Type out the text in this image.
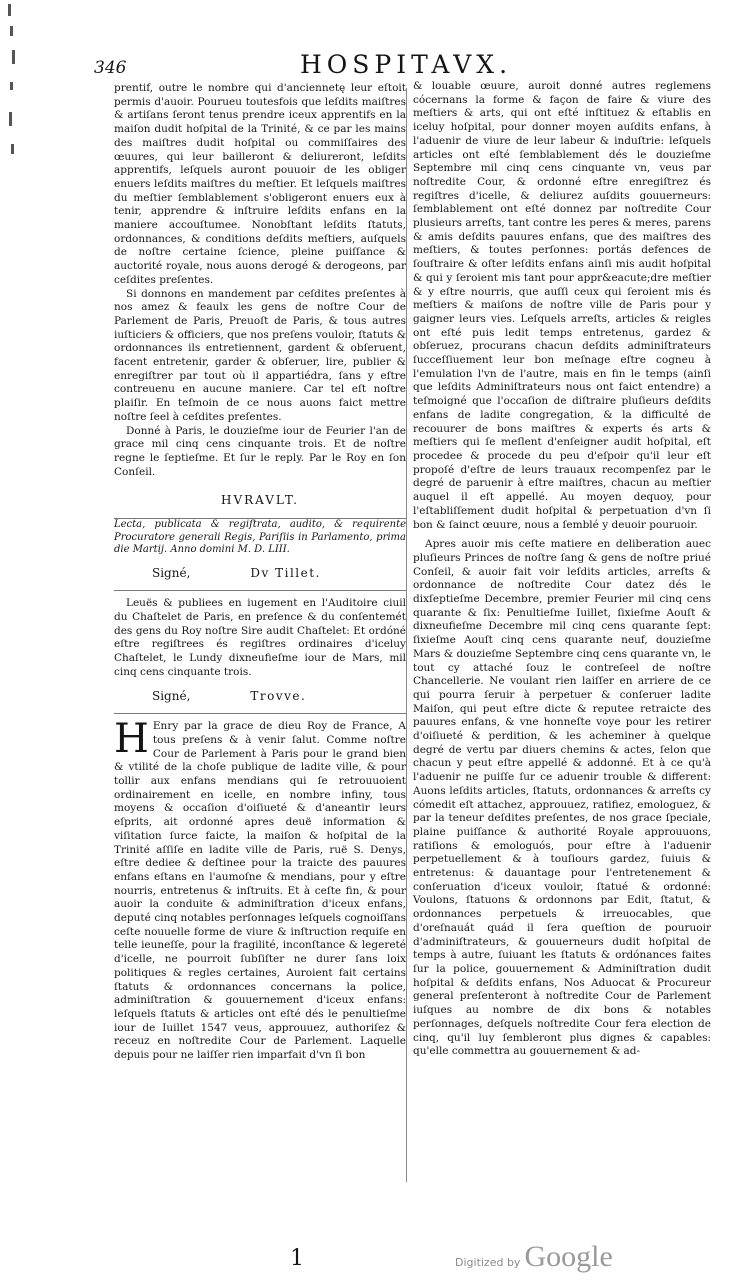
346	HOSPITAVX.

prentif, outre le nombre qui d'anciennetę leur eſtoit permis d'auoir. Pourueu toutesfois que leſdits maiſtres & artiſans ſeront tenus prendre iceux apprentifs en la maiſon dudit hoſpital de la Trinité, & ce par les mains des maiſtres dudit hoſpital ou commiſſaires des œuures, qui leur bailleront & deliureront, leſdits apprentifs, leſquels auront pouuoir de les obliger enuers leſdits maiſtres du meſtier. Et leſquels maiſtres du meſtier ſemblablement s'obligeront enuers eux à tenir, apprendre & inſtruire leſdits enfans en la maniere accouſtumee. Nonobſtant leſdits ſtatuts, ordonnances, & conditions deſdits meſtiers, auſquels de noſtre certaine ſcience, pleine puiſſance & auctorité royale, nous auons derogé & derogeons, par ceſdites preſentes.

Si donnons en mandement par ceſdites preſentes à nos amez & feaulx les gens de noſtre Cour de Parlement de Paris, Preuoſt de Paris, & tous autres iuſticiers & officiers, que nos preſens vouloir, ſtatuts & ordonnances ils entretiennent, gardent & obſeruent, facent entretenir, garder & obſeruer, lire, publier & enregiſtrer par tout où il appartiédra, ſans y eſtre contreuenu en aucune maniere. Car tel eſt noſtre plaiſir. En teſmoin de ce nous auons faict mettre noſtre ſeel à ceſdites preſentes.

Donné à Paris, le douzieſme iour de Feurier l'an de grace mil cinq cens cinquante trois. Et de noſtre regne le ſeptieſme. Et ſur le reply. Par le Roy en ſon Conſeil.

HVRAVLT.

Lecta, publicata & regiſtrata, audito, & requirente Procuratore generali Regis, Pariſiis in Parlamento, prima die Martij. Anno domini M. D. LIII.

Signé,	Dv Tillet.

Leuës & publiees en iugement en l'Auditoire ciuil du Chaſtelet de Paris, en preſence & du conſentemét des gens du Roy noſtre Sire audit Chaſtelet: Et ordóné eſtre regiſtrees és regiſtres ordinaires d'iceluy Chaſtelet, le Lundy dixneufieſme iour de Mars, mil cinq cens cinquante trois.

Signé,	Trovve.

H Enry par la grace de dieu Roy de France, A tous preſens & à venir ſalut. Comme noſtre Cour de Parlement à Paris pour le grand bien & vtilité de la choſe publique de ladite ville, & pour tollir aux enfans mendians qui ſe retrouuoient ordinairement en icelle, en nombre infiny, tous moyens & occaſion d'oiſiueté & d'aneantir leurs eſprits, ait ordonné apres deuë information & viſitation ſurce faicte, la maiſon & hoſpital de la Trinité aſſiſe en ladite ville de Paris, ruë S. Denys, eſtre dediee & deſtinee pour la traicte des pauures enfans eſtans en l'aumoſne & mendians, pour y eſtre nourris, entretenus & inſtruits. Et à ceſte fin, & pour auoir la conduite & adminiſtration d'iceux enfans, deputé cinq notables perſonnages leſquels cognoiſſans ceſte nouuelle forme de viure & inſtruction requiſe en telle ieuneſſe, pour la fragilité, inconſtance & legereté d'icelle, ne pourroit ſubſiſter ne durer ſans loix politiques & regles certaines, Auroient fait certains ſtatuts & ordonnances concernans la police, adminiſtration & gouuernement d'iceux enfans: leſquels ſtatuts & articles ont eſté dés le penultieſme iour de Iuillet 1547 veus, approuuez, authoriſez & receuz en noſtredite Cour de Parlement. Laquelle depuis pour ne laiſſer rien imparfait d'vn ſi bon

& louable œuure, auroit donné autres reglemens cócernans la forme & façon de faire & viure des meſtiers & arts, qui ont eſté inſtituez & eſtablis en iceluy hoſpital, pour donner moyen auſdits enfans, à l'aduenir de viure de leur labeur & induſtrie: leſquels articles ont eſté ſemblablement dés le douzieſme Septembre mil cinq cens cinquante vn, veus par noſtredite Cour, & ordonné eſtre enregiſtrez és regiſtres d'icelle, & deliurez auſdits gouuerneurs: ſemblablement ont eſté donnez par noſtredite Cour plusieurs arreſts, tant contre les peres & meres, parens & amis deſdits pauures enfans, que des maiſtres des meſtiers, & toutes perſonnes: portás defences de ſouſtraire & oſter leſdits enfans ainſi mis audit hoſpital & qui y ſeroient mis tant pour appr&eacute;dre meſtier & y eſtre nourris, que auſſi ceux qui ſeroient mis és meſtiers & maiſons de noſtre ville de Paris pour y gaigner leurs vies. Leſquels arreſts, articles & reigles ont eſté puis ledit temps entretenus, gardez & obſeruez, procurans chacun deſdits adminiſtrateurs ſucceſſiuement leur bon meſnage eſtre cogneu à l'emulation l'vn de l'autre, mais en fin le temps (ainſi que leſdits Adminiſtrateurs nous ont faict entendre) a teſmoigné que l'occaſion de diſtraire pluſieurs deſdits enfans de ladite congregation, & la difficulté de recouurer de bons maiſtres & experts és arts & meſtiers qui ſe meſlent d'enſeigner audit hoſpital, eſt procedee & procede du peu d'eſpoir qu'il leur eſt propoſé d'eſtre de leurs trauaux recompenſez par le degré de paruenir à eſtre maiſtres, chacun au meſtier auquel il eſt appellé. Au moyen dequoy, pour l'eſtabliſſement dudit hoſpital & perpetuation d'vn ſi bon & ſainct œuure, nous a ſemblé y deuoir pouruoir.

Apres auoir mis ceſte matiere en deliberation auec pluſieurs Princes de noſtre ſang & gens de noſtre priué Conſeil, & auoir fait voir leſdits articles, arreſts & ordonnance de noſtredite Cour datez dés le dixſeptieſme Decembre, premier Feurier mil cinq cens quarante & ſix: Penultieſme Iuillet, ſixieſme Aouſt & dixneufieſme Decembre mil cinq cens quarante ſept: ſixieſme Aouſt cinq cens quarante neuf, douzieſme Mars & douzieſme Septembre cinq cens quarante vn, le tout cy attaché ſouz le contreſeel de noſtre Chancellerie. Ne voulant rien laiſſer en arriere de ce qui pourra ſeruir à perpetuer & conſeruer ladite Maiſon, qui peut eſtre dicte & reputee retraicte des pauures enfans, & vne honneſte voye pour les retirer d'oiſiueté & perdition, & les acheminer à quelque degré de vertu par diuers chemins & actes, ſelon que chacun y peut eſtre appellé & addonné. Et à ce qu'à l'aduenir ne puiſſe ſur ce aduenir trouble & different: Auons leſdits articles, ſtatuts, ordonnances & arreſts cy cómedit eſt attachez, approuuez, ratifiez, emologuez, & par la teneur deſdites preſentes, de nos grace ſpeciale, plaine puiſſance & authorité Royale approuuons, ratiſions & emologuós, pour eſtre à l'aduenir perpetuellement & à touſiours gardez, ſuiuis & entretenus: & dauantage pour l'entretenement & conſeruation d'iceux vouloir, ſtatué & ordonné: Voulons, ſtatuons & ordonnons par Edit, ſtatut, & ordonnances perpetuels & irreuocables, que d'oreſnauát quád il ſera queſtion de pouruoir d'adminiſtrateurs, & gouuerneurs dudit hoſpital de temps à autre, ſuiuant les ſtatuts & ordónances faites ſur la police, gouuernement & Adminiſtration dudit hoſpital & deſdits enfans, Nos Aduocat & Procureur general preſenteront à noſtredite Cour de Parlement iuſques au nombre de dix bons & notables perſonnages, deſquels noſtredite Cour fera election de cinq, qu'il luy ſembleront plus dignes & capables: qu'elle commettra au gouuernement & ad-

1	Digitized by Google
